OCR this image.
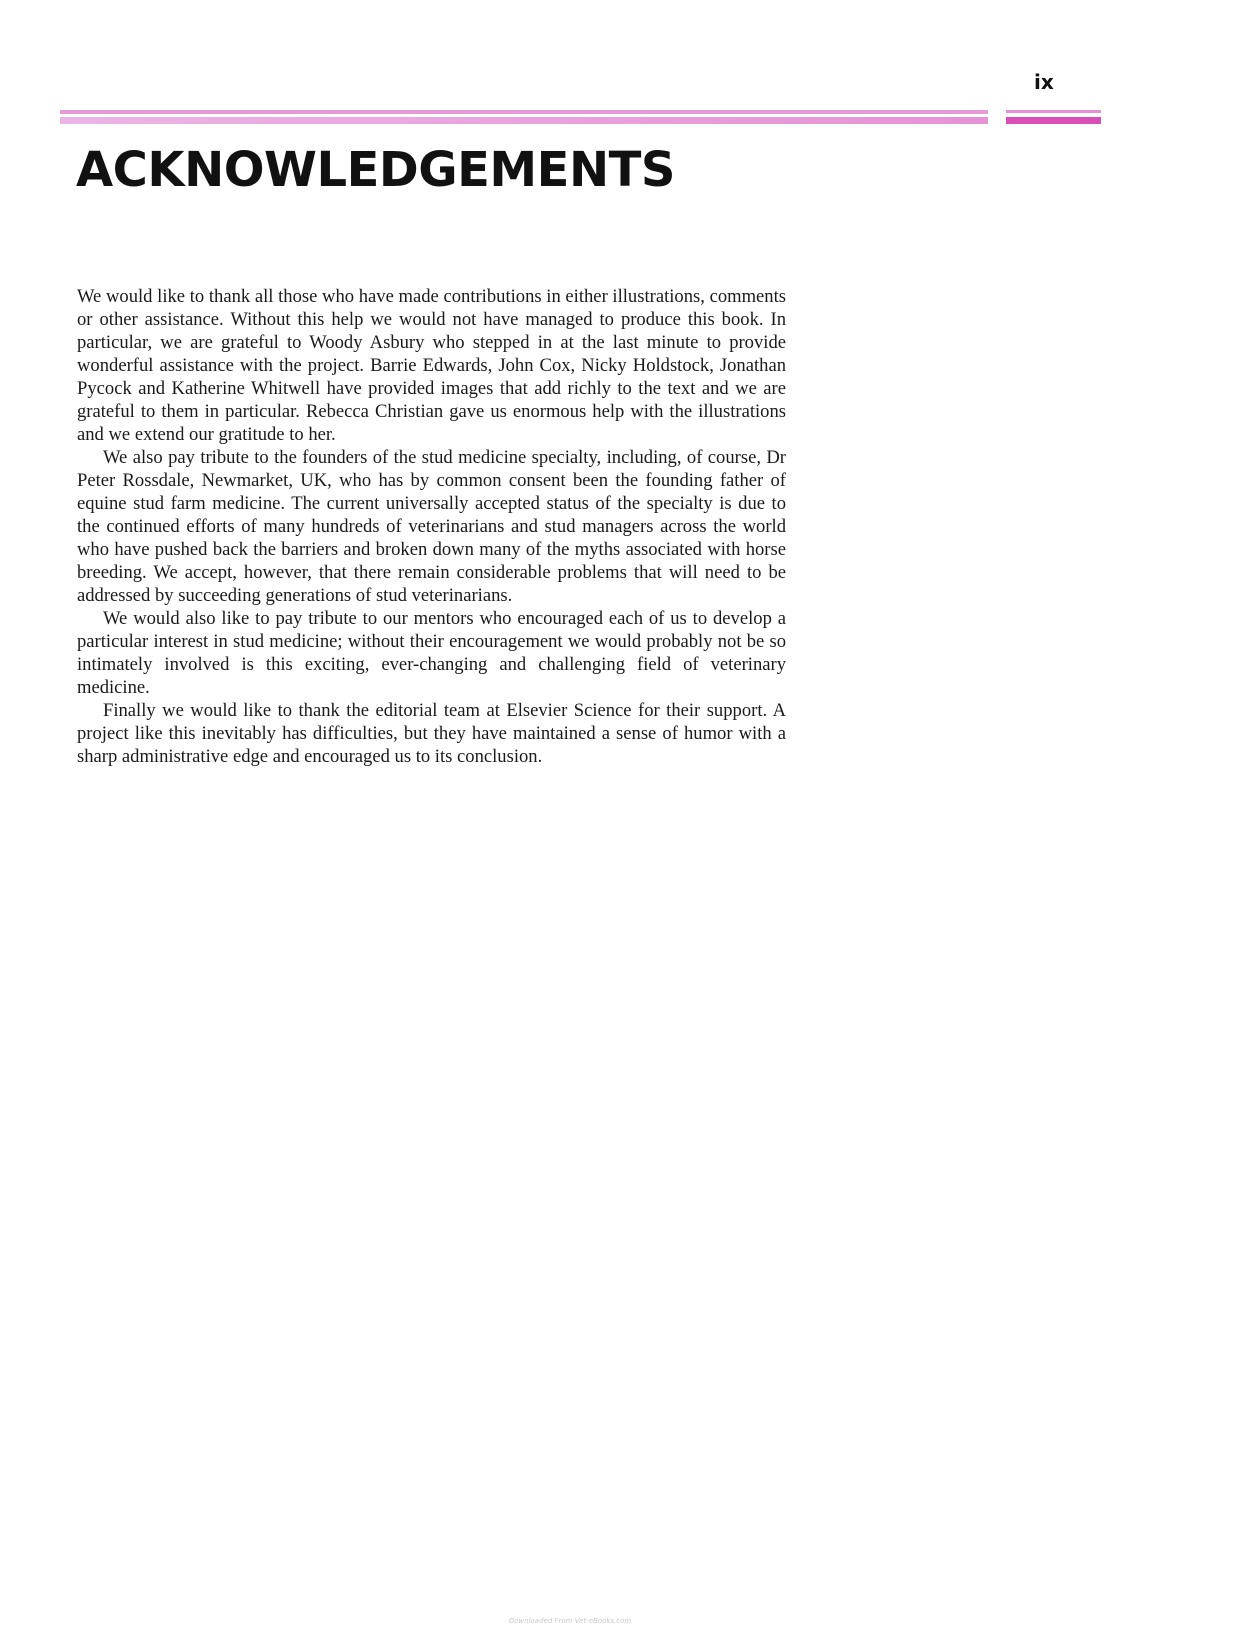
ix
ACKNOWLEDGEMENTS

We would like to thank all those who have made contributions in either illustrations, comments or other assistance. Without this help we would not have managed to produce this book. In particular, we are grateful to Woody Asbury who stepped in at the last minute to provide wonderful assistance with the project. Barrie Edwards, John Cox, Nicky Holdstock, Jonathan Pycock and Katherine Whitwell have provided images that add richly to the text and we are grateful to them in particular. Rebecca Christian gave us enormous help with the illustrations and we extend our gratitude to her.

We also pay tribute to the founders of the stud medicine specialty, including, of course, Dr Peter Rossdale, Newmarket, UK, who has by common consent been the founding father of equine stud farm medicine. The current universally accepted status of the specialty is due to the continued efforts of many hundreds of veterinarians and stud managers across the world who have pushed back the barriers and broken down many of the myths associated with horse breeding. We accept, however, that there remain considerable problems that will need to be addressed by succeeding generations of stud veterinarians.

We would also like to pay tribute to our mentors who encouraged each of us to develop a particular interest in stud medicine; without their encouragement we would probably not be so intimately involved is this exciting, ever-changing and challenging field of veterinary medicine.

Finally we would like to thank the editorial team at Elsevier Science for their support. A project like this inevitably has difficulties, but they have maintained a sense of humor with a sharp administrative edge and encouraged us to its conclusion.

Downloaded From Vet-eBooks.com
